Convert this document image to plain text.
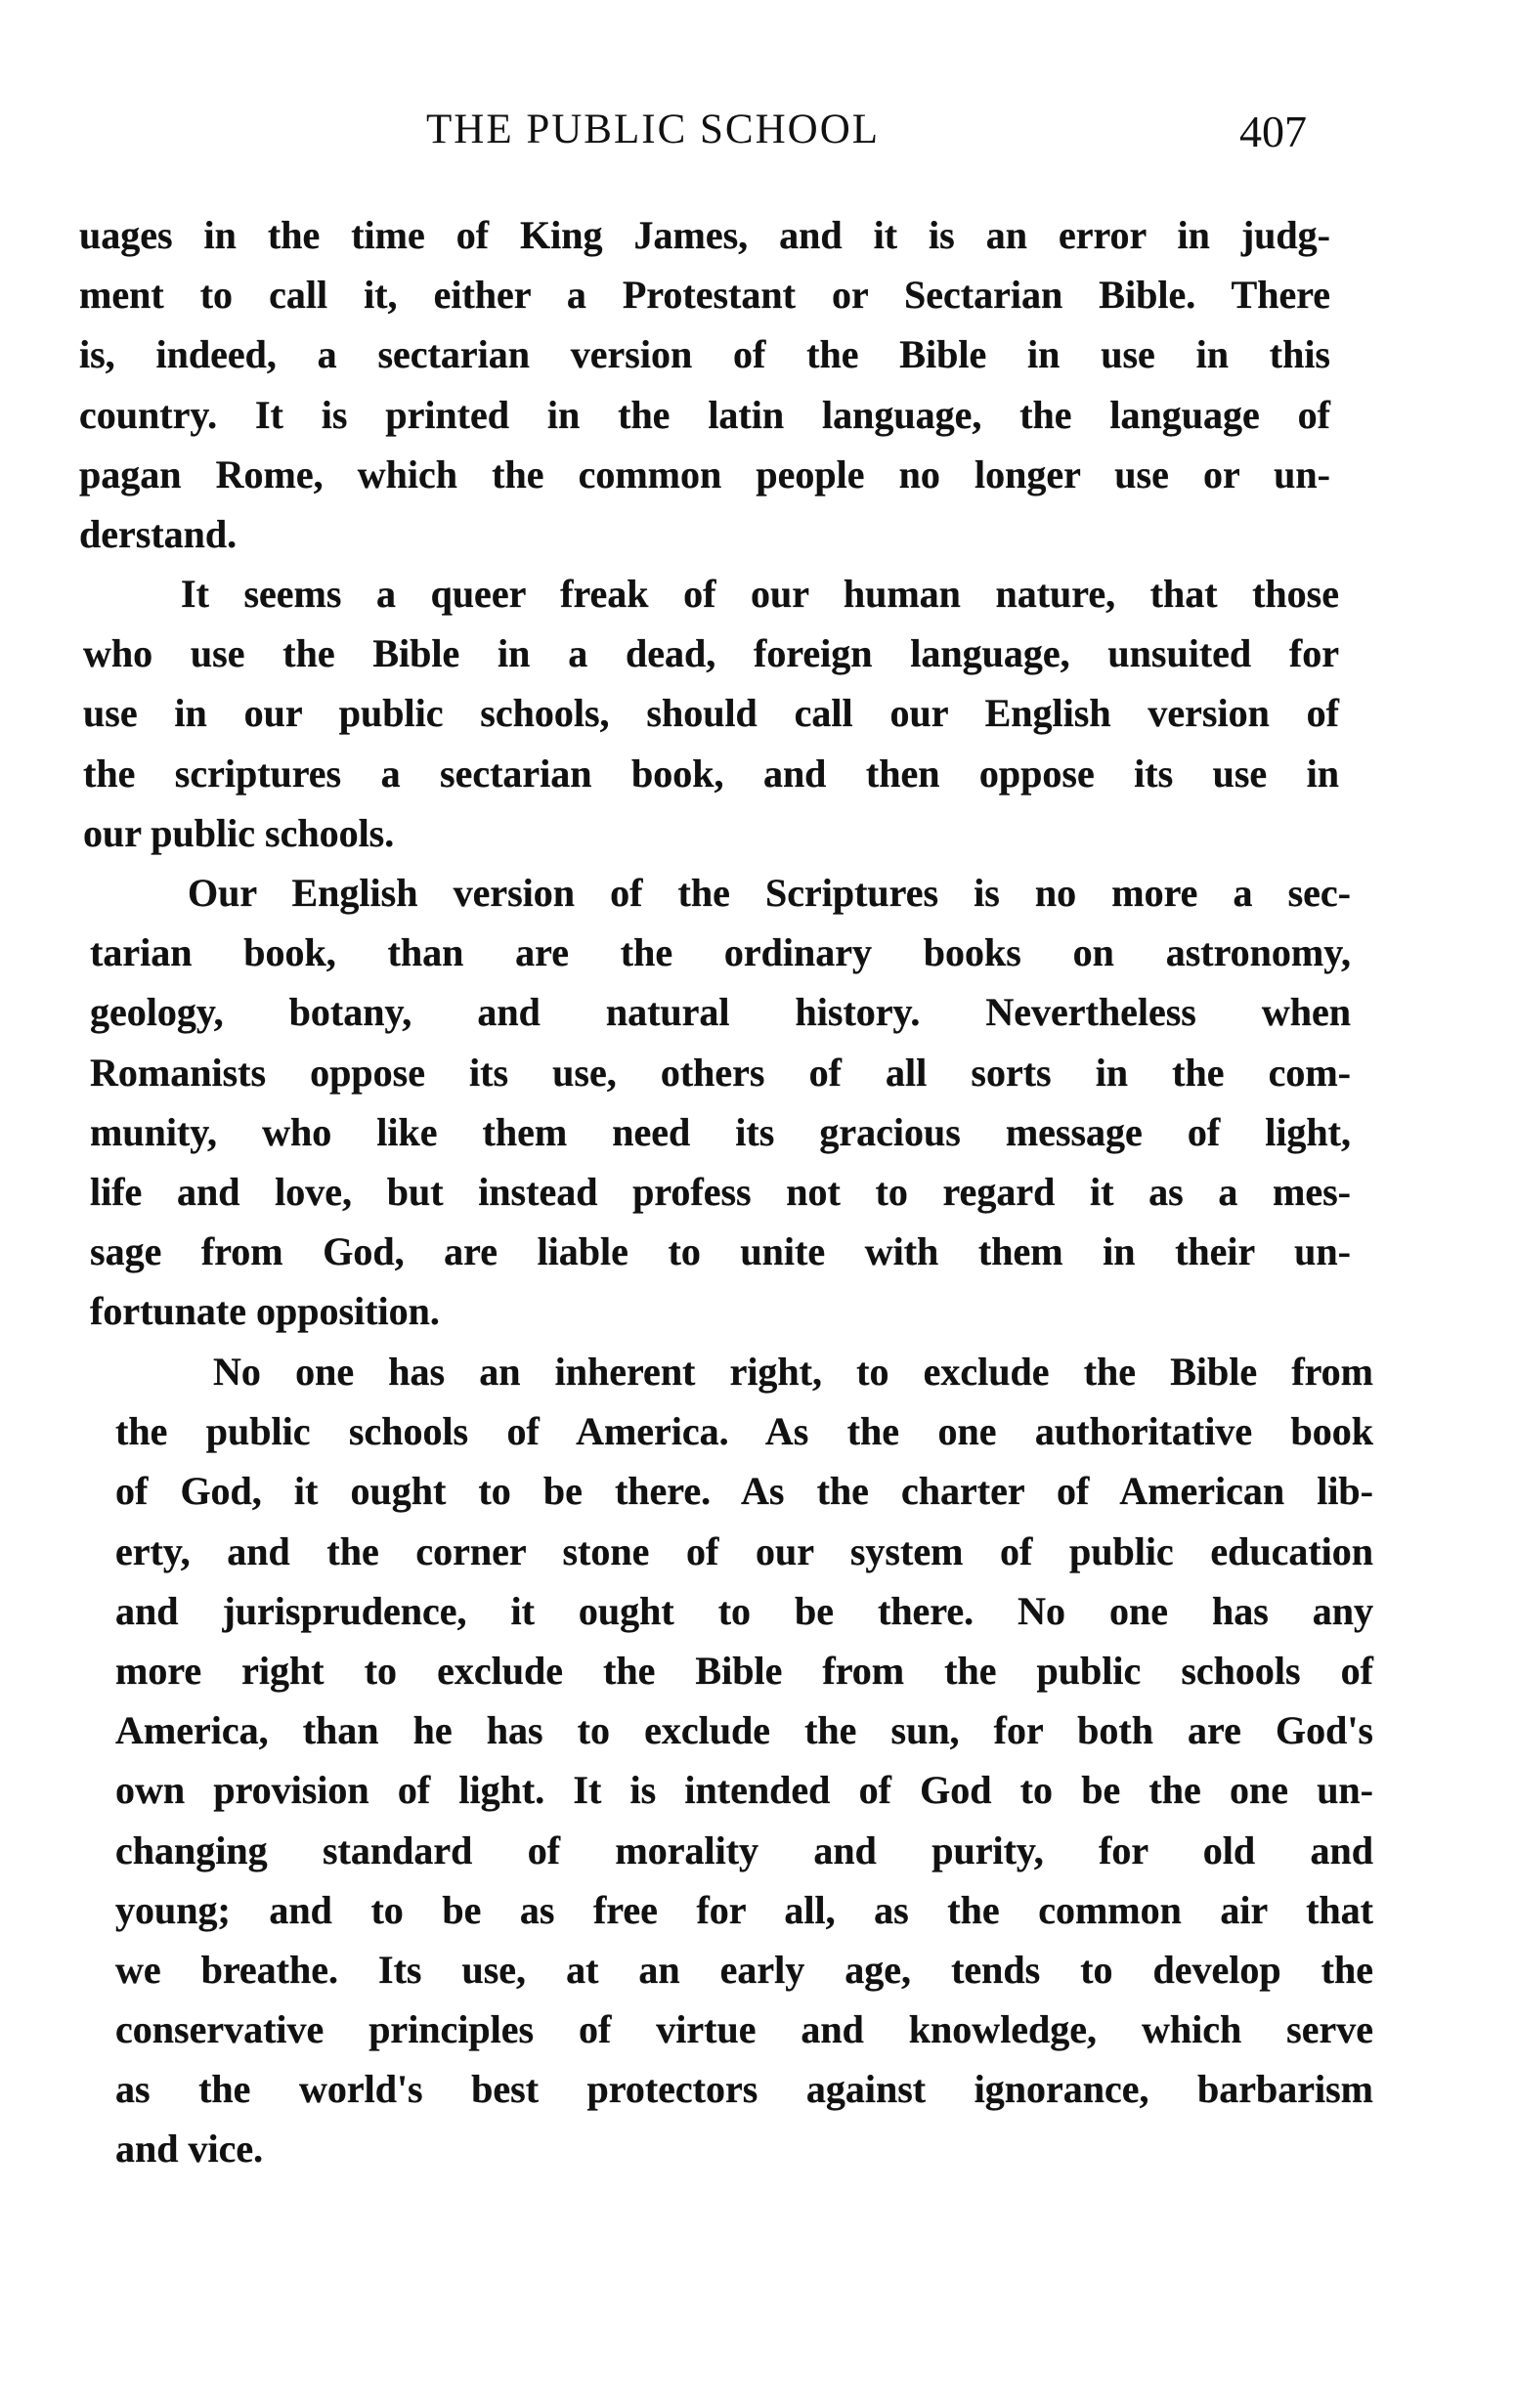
THE PUBLIC SCHOOL	407
uages in the time of King James, and it is an error in judg-
ment to call it, either a Protestant or Sectarian Bible. There
is, indeed, a sectarian version of the Bible in use in this
country. It is printed in the latin language, the language of
pagan Rome, which the common people no longer use or un-
derstand.
It seems a queer freak of our human nature, that those
who use the Bible in a dead, foreign language, unsuited for
use in our public schools, should call our English version of
the scriptures a sectarian book, and then oppose its use in
our public schools.
Our English version of the Scriptures is no more a sec-
tarian book, than are the ordinary books on astronomy,
geology, botany, and natural history. Nevertheless when
Romanists oppose its use, others of all sorts in the com-
munity, who like them need its gracious message of light,
life and love, but instead profess not to regard it as a mes-
sage from God, are liable to unite with them in their un-
fortunate opposition.
No one has an inherent right, to exclude the Bible from
the public schools of America. As the one authoritative book
of God, it ought to be there. As the charter of American lib-
erty, and the corner stone of our system of public education
and jurisprudence, it ought to be there. No one has any
more right to exclude the Bible from the public schools of
America, than he has to exclude the sun, for both are God's
own provision of light. It is intended of God to be the one un-
changing standard of morality and purity, for old and
young; and to be as free for all, as the common air that
we breathe. Its use, at an early age, tends to develop the
conservative principles of virtue and knowledge, which serve
as the world's best protectors against ignorance, barbarism
and vice.
